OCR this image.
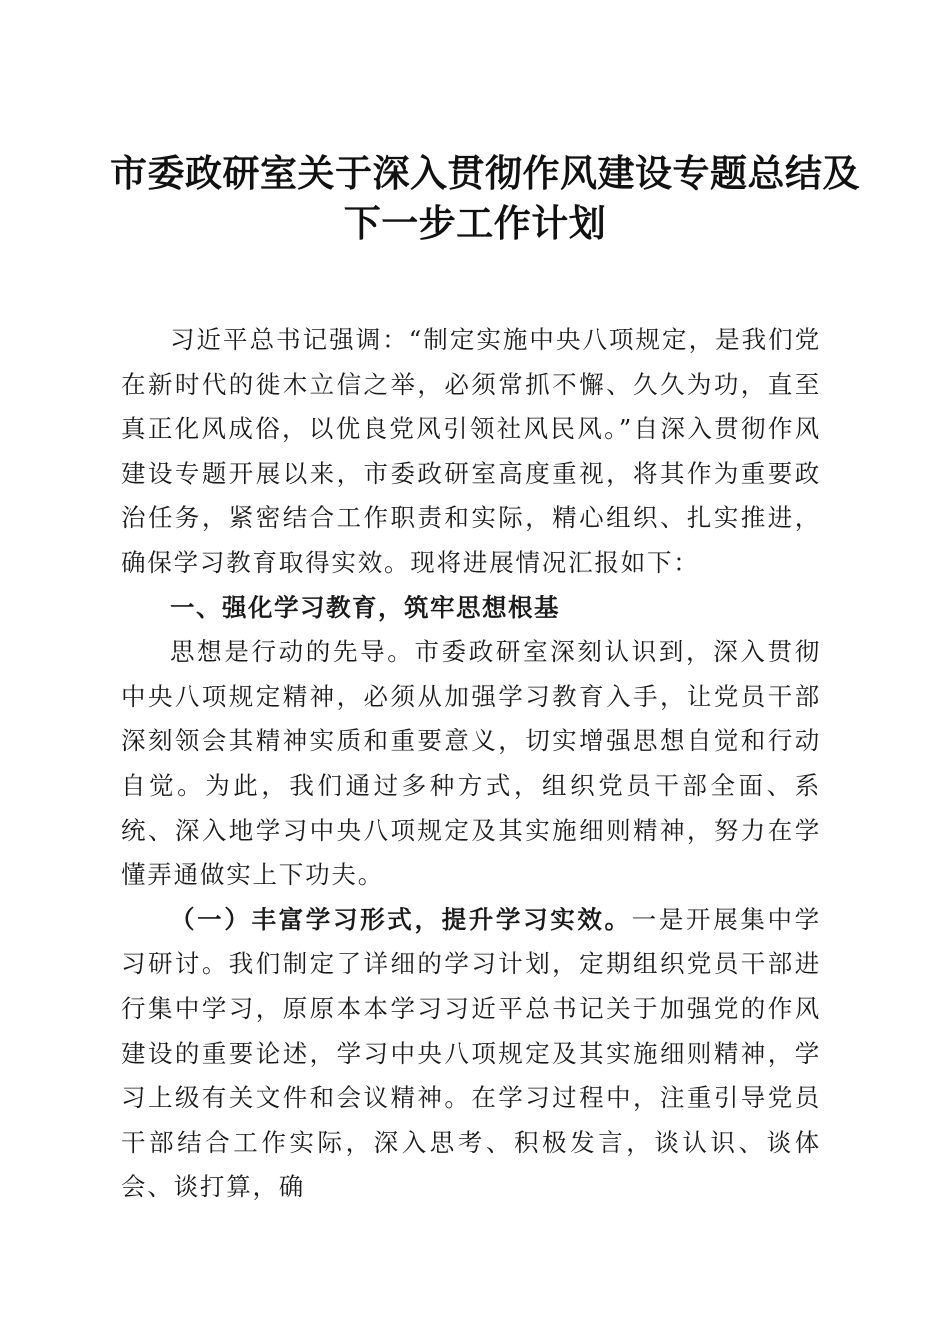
市委政研室关于深入贯彻作风建设专题总结及
下一步工作计划

习近平总书记强调：“制定实施中央八项规定，是我们党在新时代的徙木立信之举，必须常抓不懈、久久为功，直至真正化风成俗，以优良党风引领社风民风。”自深入贯彻作风建设专题开展以来，市委政研室高度重视，将其作为重要政治任务，紧密结合工作职责和实际，精心组织、扎实推进，确保学习教育取得实效。现将进展情况汇报如下：

一、强化学习教育，筑牢思想根基

思想是行动的先导。市委政研室深刻认识到，深入贯彻中央八项规定精神，必须从加强学习教育入手，让党员干部深刻领会其精神实质和重要意义，切实增强思想自觉和行动自觉。为此，我们通过多种方式，组织党员干部全面、系统、深入地学习中央八项规定及其实施细则精神，努力在学懂弄通做实上下功夫。

（一）丰富学习形式，提升学习实效。一是开展集中学习研讨。我们制定了详细的学习计划，定期组织党员干部进行集中学习，原原本本学习习近平总书记关于加强党的作风建设的重要论述，学习中央八项规定及其实施细则精神，学习上级有关文件和会议精神。在学习过程中，注重引导党员干部结合工作实际，深入思考、积极发言，谈认识、谈体会、谈打算，确
